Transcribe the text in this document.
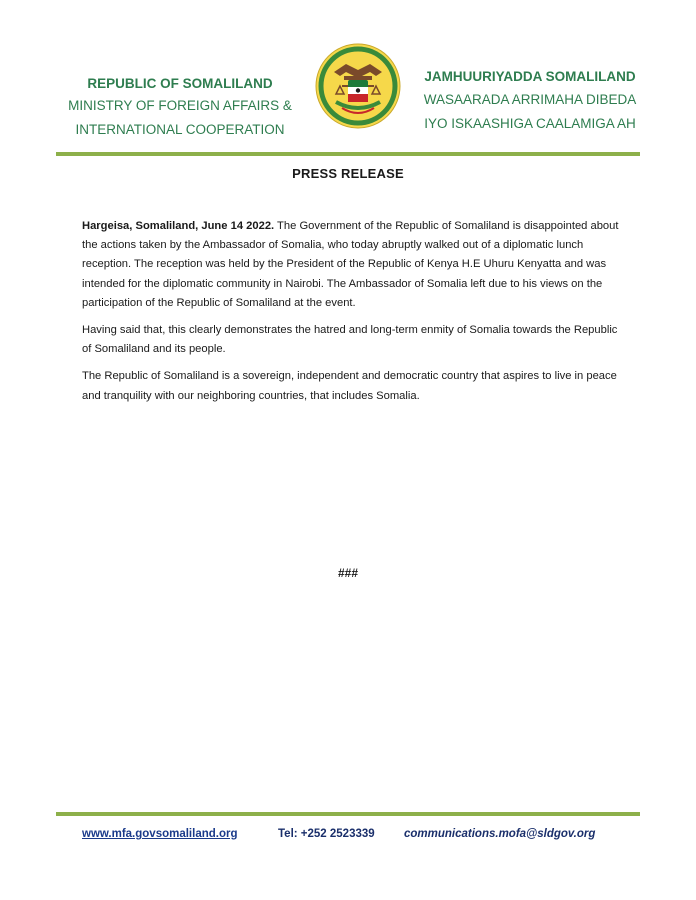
REPUBLIC OF SOMALILAND
MINISTRY OF FOREIGN AFFAIRS &
INTERNATIONAL COOPERATION
JAMHUURIYADDA SOMALILAND
WASAARADA ARRIMAHA DIBEDA
IYO ISKAASHIGA CAALAMIGA AH
PRESS RELEASE

Hargeisa, Somaliland, June 14 2022. The Government of the Republic of Somaliland is disappointed about the actions taken by the Ambassador of Somalia, who today abruptly walked out of a diplomatic lunch reception. The reception was held by the President of the Republic of Kenya H.E Uhuru Kenyatta and was intended for the diplomatic community in Nairobi. The Ambassador of Somalia left due to his views on the participation of the Republic of Somaliland at the event.

Having said that, this clearly demonstrates the hatred and long-term enmity of Somalia towards the Republic of Somaliland and its people.

The Republic of Somaliland is a sovereign, independent and democratic country that aspires to live in peace and tranquility with our neighboring countries, that includes Somalia.

###
www.mfa.govsomaliland.org	Tel: +252 2523339	communications.mofa@sldgov.org
